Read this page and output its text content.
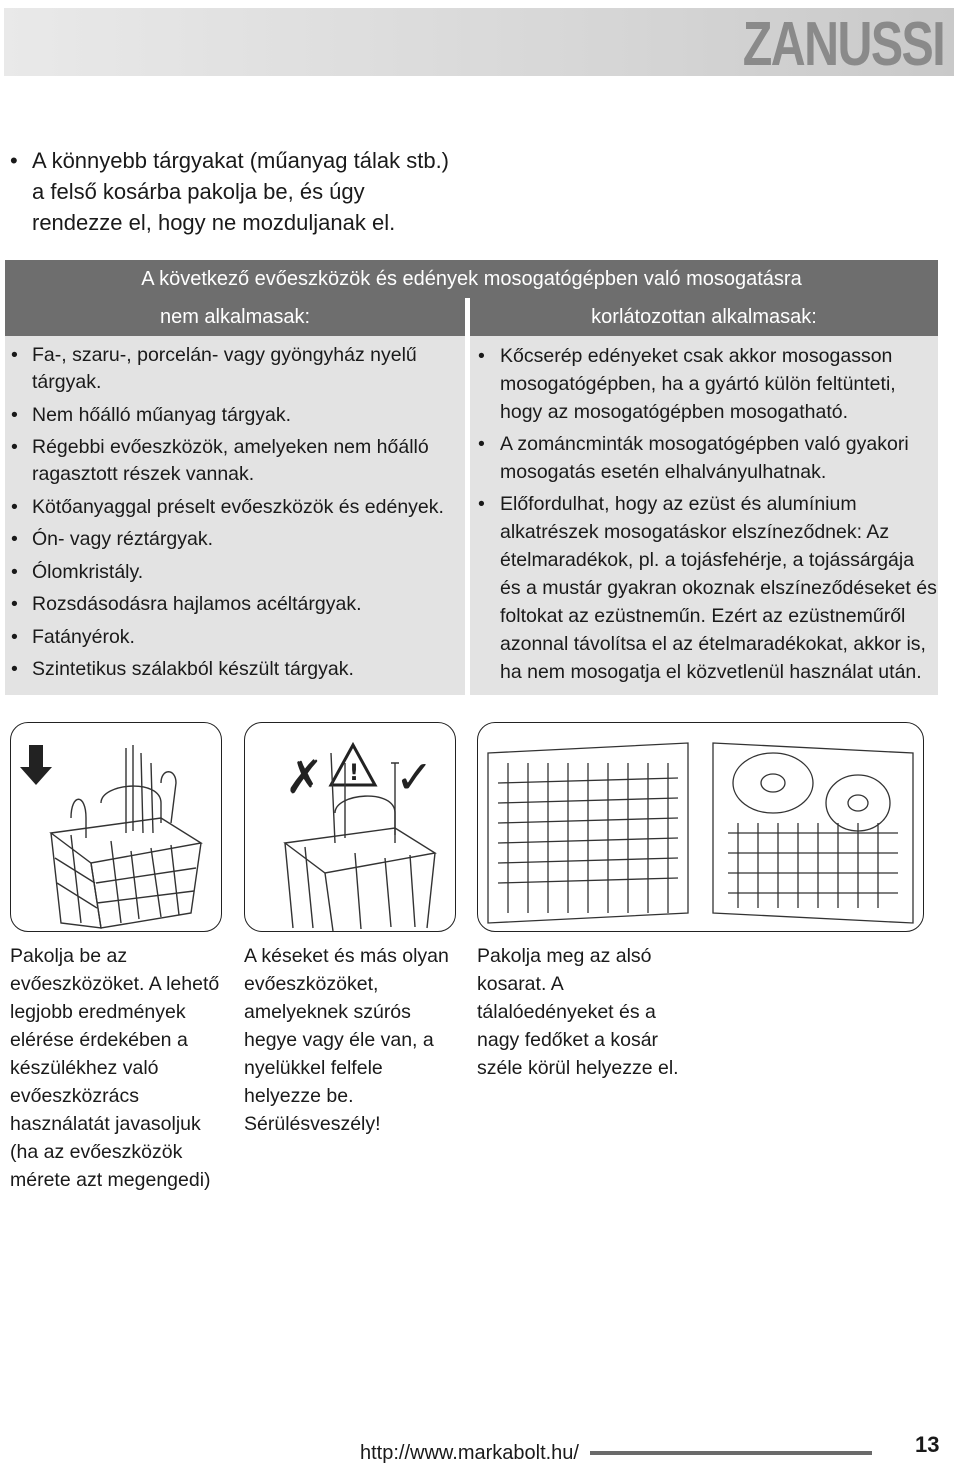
ZANUSSI
• A könnyebb tárgyakat (műanyag tálak stb.) a felső kosárba pakolja be, és úgy rendezze el, hogy ne mozduljanak el.
A következő evőeszközök és edények mosogatógépben való mosogatásra
nem alkalmasak:	korlátozottan alkalmasak:
• Fa-, szaru-, porcelán- vagy gyöngyház nyelű tárgyak.
• Nem hőálló műanyag tárgyak.
• Régebbi evőeszközök, amelyeken nem hőálló ragasztott részek vannak.
• Kötőanyaggal préselt evőeszközök és edények.
• Ón- vagy réztárgyak.
• Ólomkristály.
• Rozsdásodásra hajlamos acéltárgyak.
• Fatányérok.
• Szintetikus szálakból készült tárgyak.
• Kőcserép edényeket csak akkor mosogasson mosogatógépben, ha a gyártó külön feltünteti, hogy az mosogatógépben mosogatható.
• A zománcminták mosogatógépben való gyakori mosogatás esetén elhalványulhatnak.
• Előfordulhat, hogy az ezüst és alumínium alkatrészek mosogatáskor elszíneződnek: Az ételmaradékok, pl. a tojásfehérje, a tojássárgája és a mustár gyakran okoznak elszíneződéseket és foltokat az ezüstneműn. Ezért az ezüstneműről azonnal távolítsa el az ételmaradékokat, akkor is, ha nem mosogatja el közvetlenül használat után.
✗ ! ✓
Pakolja be az evőeszközöket. A lehető legjobb eredmények elérése érdekében a készülékhez való evőeszközrács használatát javasoljuk (ha az evőeszközök mérete azt megengedi)
A késeket és más olyan evőeszközöket, amelyeknek szúrós hegye vagy éle van, a nyelükkel felfele helyezze be. Sérülésveszély!
Pakolja meg az alsó kosarat. A tálalóedényeket és a nagy fedőket a kosár széle körül helyezze el.
http://www.markabolt.hu/	13
